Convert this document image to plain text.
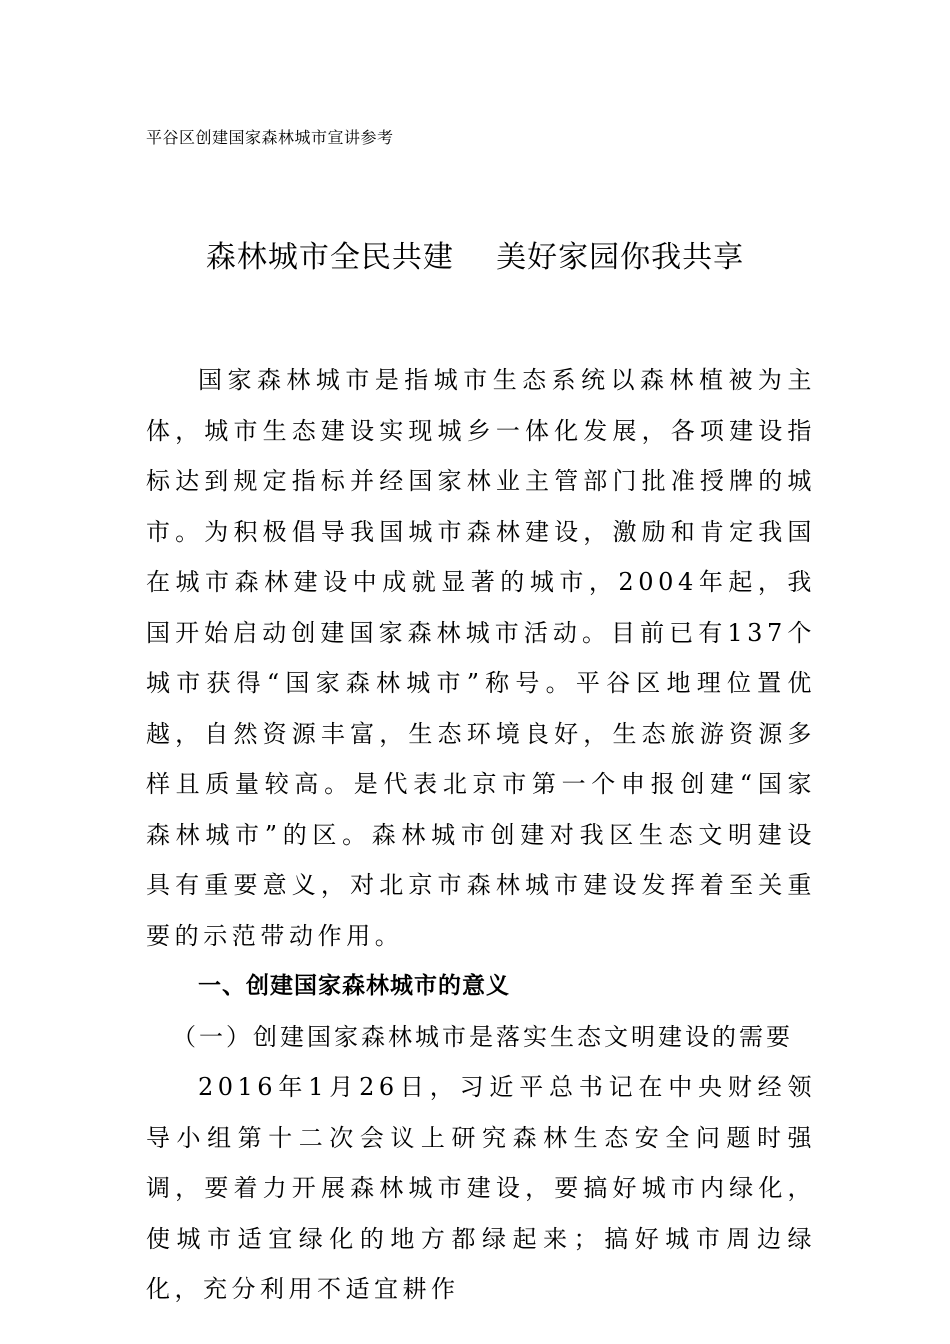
平谷区创建国家森林城市宣讲参考
森林城市全民共建    美好家园你我共享

国家森林城市是指城市生态系统以森林植被为主体，城市生态建设实现城乡一体化发展，各项建设指标达到规定指标并经国家林业主管部门批准授牌的城市。为积极倡导我国城市森林建设，激励和肯定我国在城市森林建设中成就显著的城市，2004年起，我国开始启动创建国家森林城市活动。目前已有137个城市获得“国家森林城市”称号。平谷区地理位置优越，自然资源丰富，生态环境良好，生态旅游资源多样且质量较高。是代表北京市第一个申报创建“国家森林城市”的区。森林城市创建对我区生态文明建设具有重要意义，对北京市森林城市建设发挥着至关重要的示范带动作用。

一、创建国家森林城市的意义
（一）创建国家森林城市是落实生态文明建设的需要

2016年1月26日，习近平总书记在中央财经领导小组第十二次会议上研究森林生态安全问题时强调，要着力开展森林城市建设，要搞好城市内绿化，使城市适宜绿化的地方都绿起来；搞好城市周边绿化，充分利用不适宜耕作
